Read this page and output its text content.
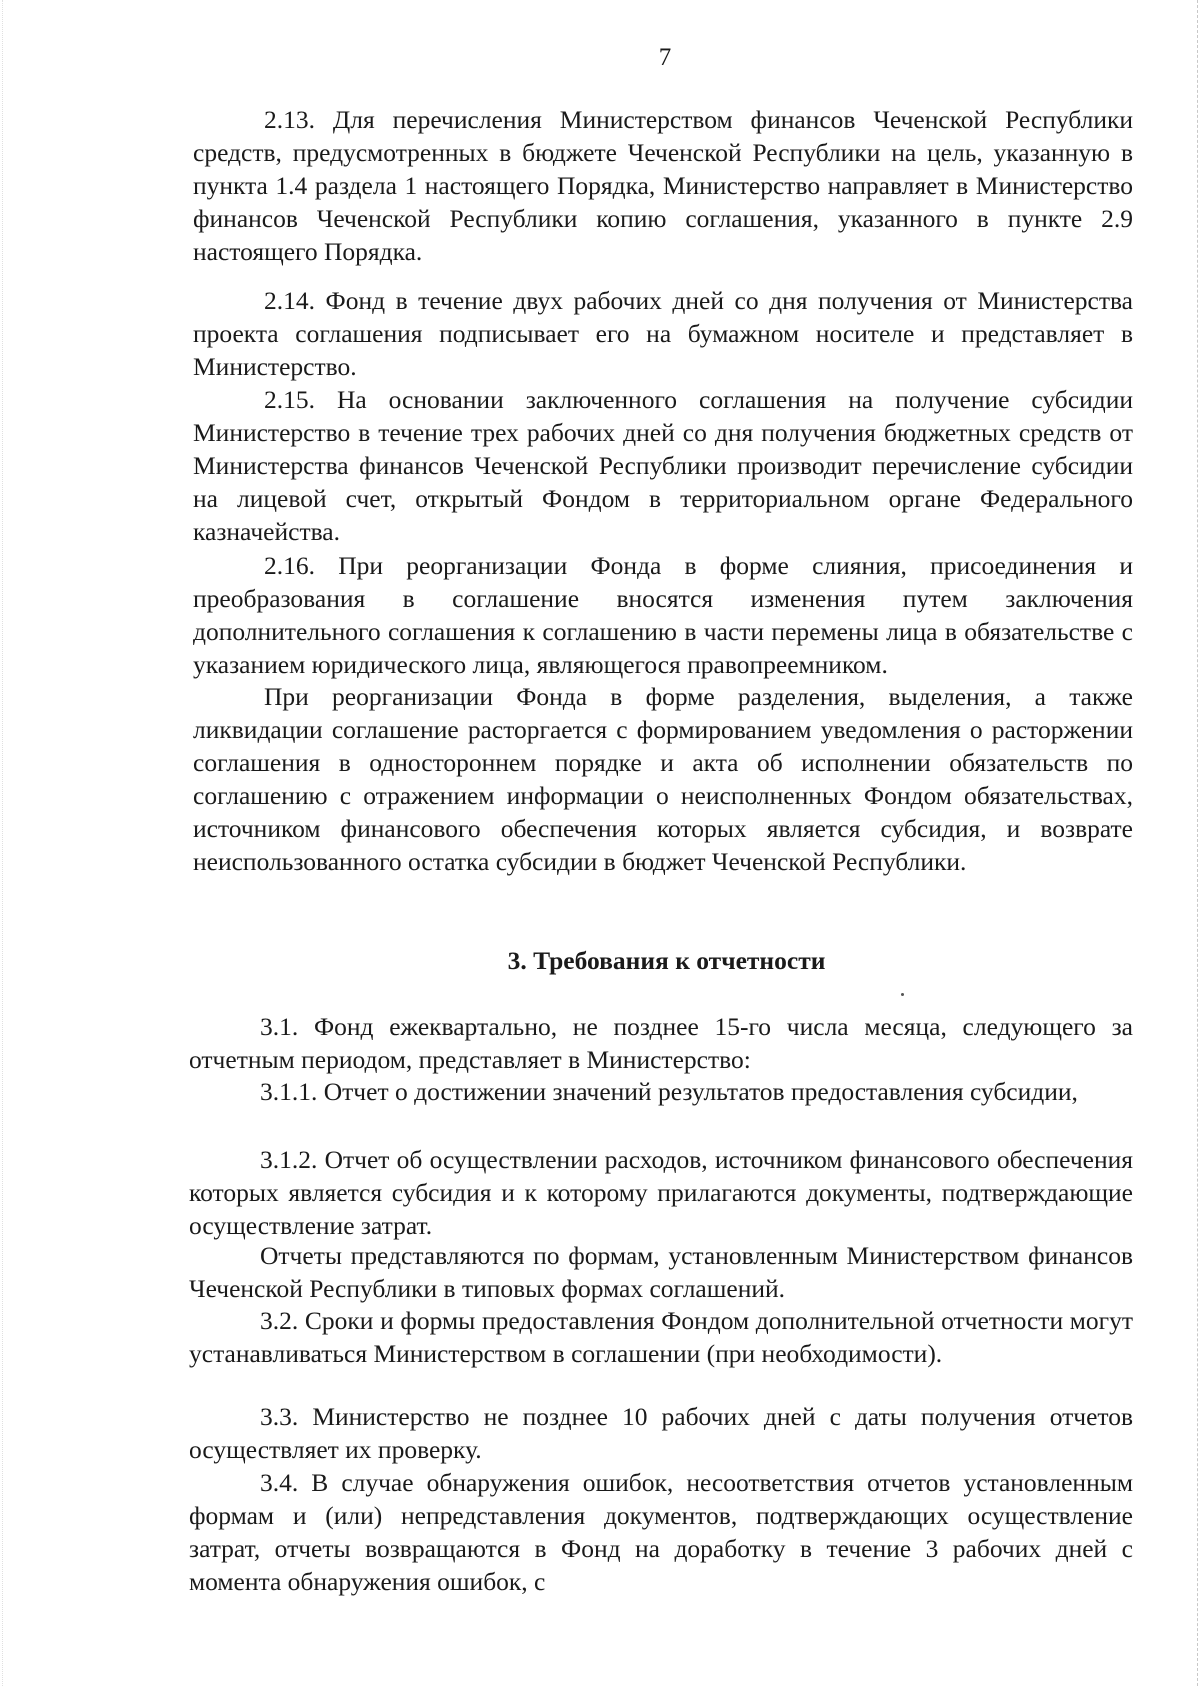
7

2.13. Для перечисления Министерством финансов Чеченской Республики средств, предусмотренных в бюджете Чеченской Республики на цель, указанную в пункта 1.4 раздела 1 настоящего Порядка, Министерство направляет в Министерство финансов Чеченской Республики копию соглашения, указанного в пункте 2.9 настоящего Порядка.

2.14. Фонд в течение двух рабочих дней со дня получения от Министерства проекта соглашения подписывает его на бумажном носителе и представляет в Министерство.

2.15. На основании заключенного соглашения на получение субсидии Министерство в течение трех рабочих дней со дня получения бюджетных средств от Министерства финансов Чеченской Республики производит перечисление субсидии на лицевой счет, открытый Фондом в территориальном органе Федерального казначейства.

2.16. При реорганизации Фонда в форме слияния, присоединения и преобразования в соглашение вносятся изменения путем заключения дополнительного соглашения к соглашению в части перемены лица в обязательстве с указанием юридического лица, являющегося правопреемником.

При реорганизации Фонда в форме разделения, выделения, а также ликвидации соглашение расторгается с формированием уведомления о расторжении соглашения в одностороннем порядке и акта об исполнении обязательств по соглашению с отражением информации о неисполненных Фондом обязательствах, источником финансового обеспечения которых является субсидия, и возврате неиспользованного остатка субсидии в бюджет Чеченской Республики.

3. Требования к отчетности

3.1. Фонд ежеквартально, не позднее 15-го числа месяца, следующего за отчетным периодом, представляет в Министерство:

3.1.1. Отчет о достижении значений результатов предоставления субсидии,

3.1.2. Отчет об осуществлении расходов, источником финансового обеспечения которых является субсидия и к которому прилагаются документы, подтверждающие осуществление затрат.

Отчеты представляются по формам, установленным Министерством финансов Чеченской Республики в типовых формах соглашений.

3.2. Сроки и формы предоставления Фондом дополнительной отчетности могут устанавливаться Министерством в соглашении (при необходимости).

3.3. Министерство не позднее 10 рабочих дней с даты получения отчетов осуществляет их проверку.

3.4. В случае обнаружения ошибок, несоответствия отчетов установленным формам и (или) непредставления документов, подтверждающих осуществление затрат, отчеты возвращаются в Фонд на доработку в течение 3 рабочих дней с момента обнаружения ошибок, с
